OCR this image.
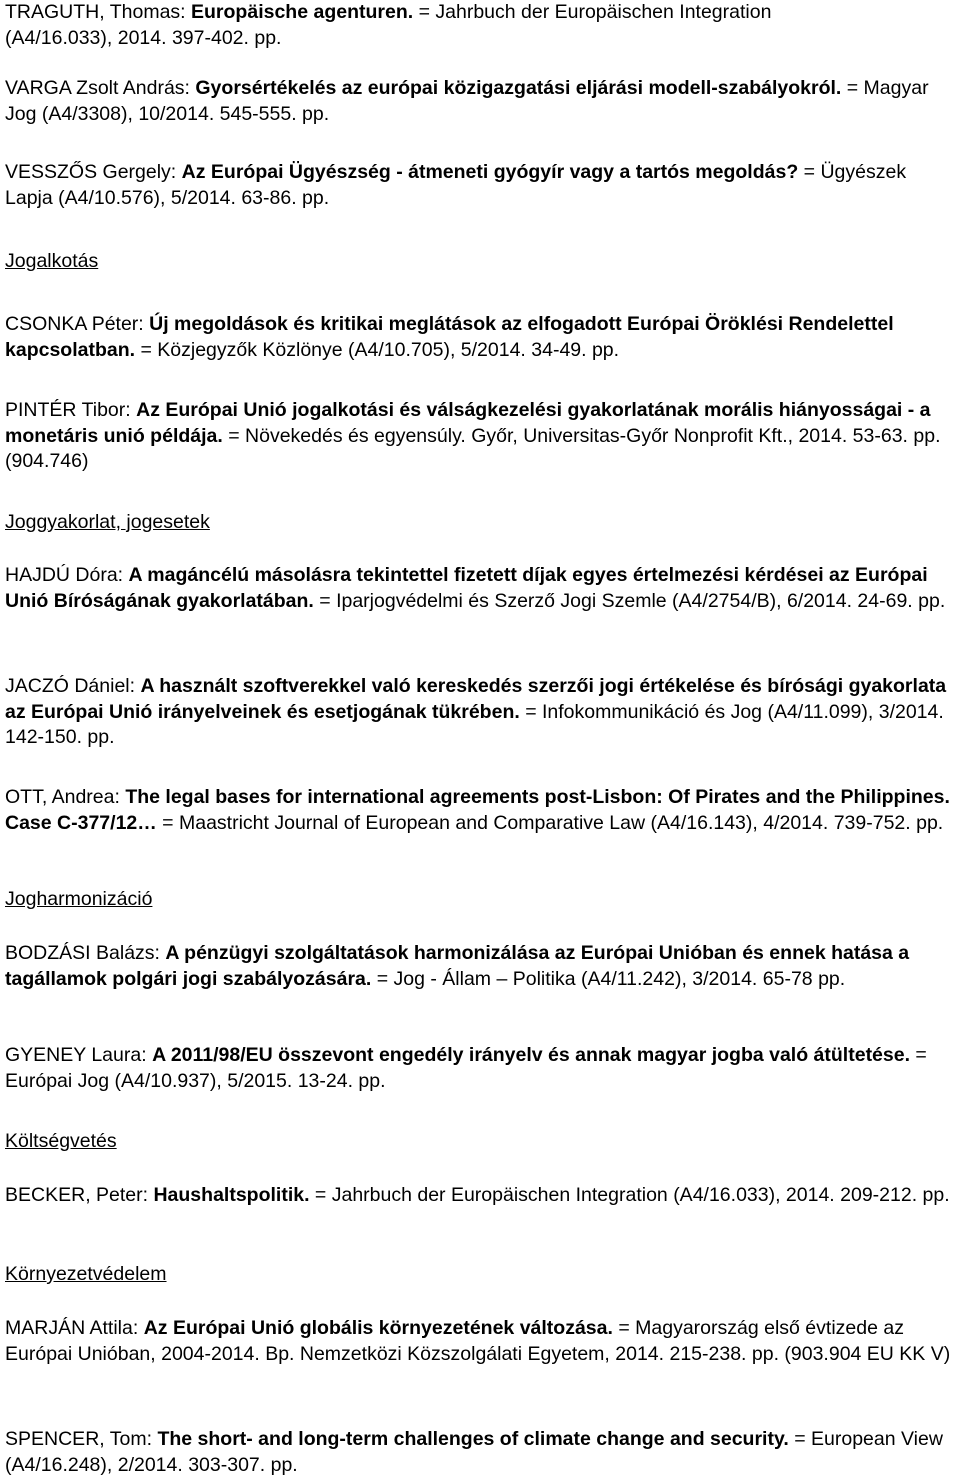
TRAGUTH, Thomas: Europäische agenturen. = Jahrbuch der Europäischen Integration (A4/16.033), 2014. 397-402. pp.

VARGA Zsolt András: Gyorsértékelés az európai közigazgatási eljárási modell-szabályokról. = Magyar Jog (A4/3308), 10/2014. 545-555. pp.

VESSZŐS Gergely: Az Európai Ügyészség - átmeneti gyógyír vagy a tartós megoldás? = Ügyészek Lapja (A4/10.576), 5/2014. 63-86. pp.

Jogalkotás

CSONKA Péter: Új megoldások és kritikai meglátások az elfogadott Európai Öröklési Rendelettel kapcsolatban. = Közjegyzők Közlönye (A4/10.705), 5/2014. 34-49. pp.

PINTÉR Tibor: Az Európai Unió jogalkotási és válságkezelési gyakorlatának morális hiányosságai - a monetáris unió példája. = Növekedés és egyensúly. Győr, Universitas-Győr Nonprofit Kft., 2014. 53-63. pp. (904.746)

Joggyakorlat, jogesetek

HAJDÚ Dóra: A magáncélú másolásra tekintettel fizetett díjak egyes értelmezési kérdései az Európai Unió Bíróságának gyakorlatában. = Iparjogvédelmi és Szerző Jogi Szemle (A4/2754/B), 6/2014. 24-69. pp.

JACZÓ Dániel: A használt szoftverekkel való kereskedés szerzői jogi értékelése és bírósági gyakorlata az Európai Unió irányelveinek és esetjogának tükrében. = Infokommunikáció és Jog (A4/11.099), 3/2014. 142-150. pp.

OTT, Andrea: The legal bases for international agreements post-Lisbon: Of Pirates and the Philippines. Case C-377/12… = Maastricht Journal of European and Comparative Law (A4/16.143), 4/2014. 739-752. pp.

Jogharmonizáció

BODZÁSI Balázs: A pénzügyi szolgáltatások harmonizálása az Európai Unióban és ennek hatása a tagállamok polgári jogi szabályozására. = Jog - Állam – Politika (A4/11.242), 3/2014. 65-78 pp.

GYENEY Laura: A 2011/98/EU összevont engedély irányelv és annak magyar jogba való átültetése. = Európai Jog (A4/10.937), 5/2015. 13-24. pp.

Költségvetés

BECKER, Peter: Haushaltspolitik. = Jahrbuch der Europäischen Integration (A4/16.033), 2014. 209-212. pp.

Környezetvédelem

MARJÁN Attila: Az Európai Unió globális környezetének változása. = Magyarország első évtizede az Európai Unióban, 2004-2014. Bp. Nemzetközi Közszolgálati Egyetem, 2014. 215-238. pp. (903.904 EU KK V)

SPENCER, Tom: The short- and long-term challenges of climate change and security. = European View (A4/16.248), 2/2014. 303-307. pp.
